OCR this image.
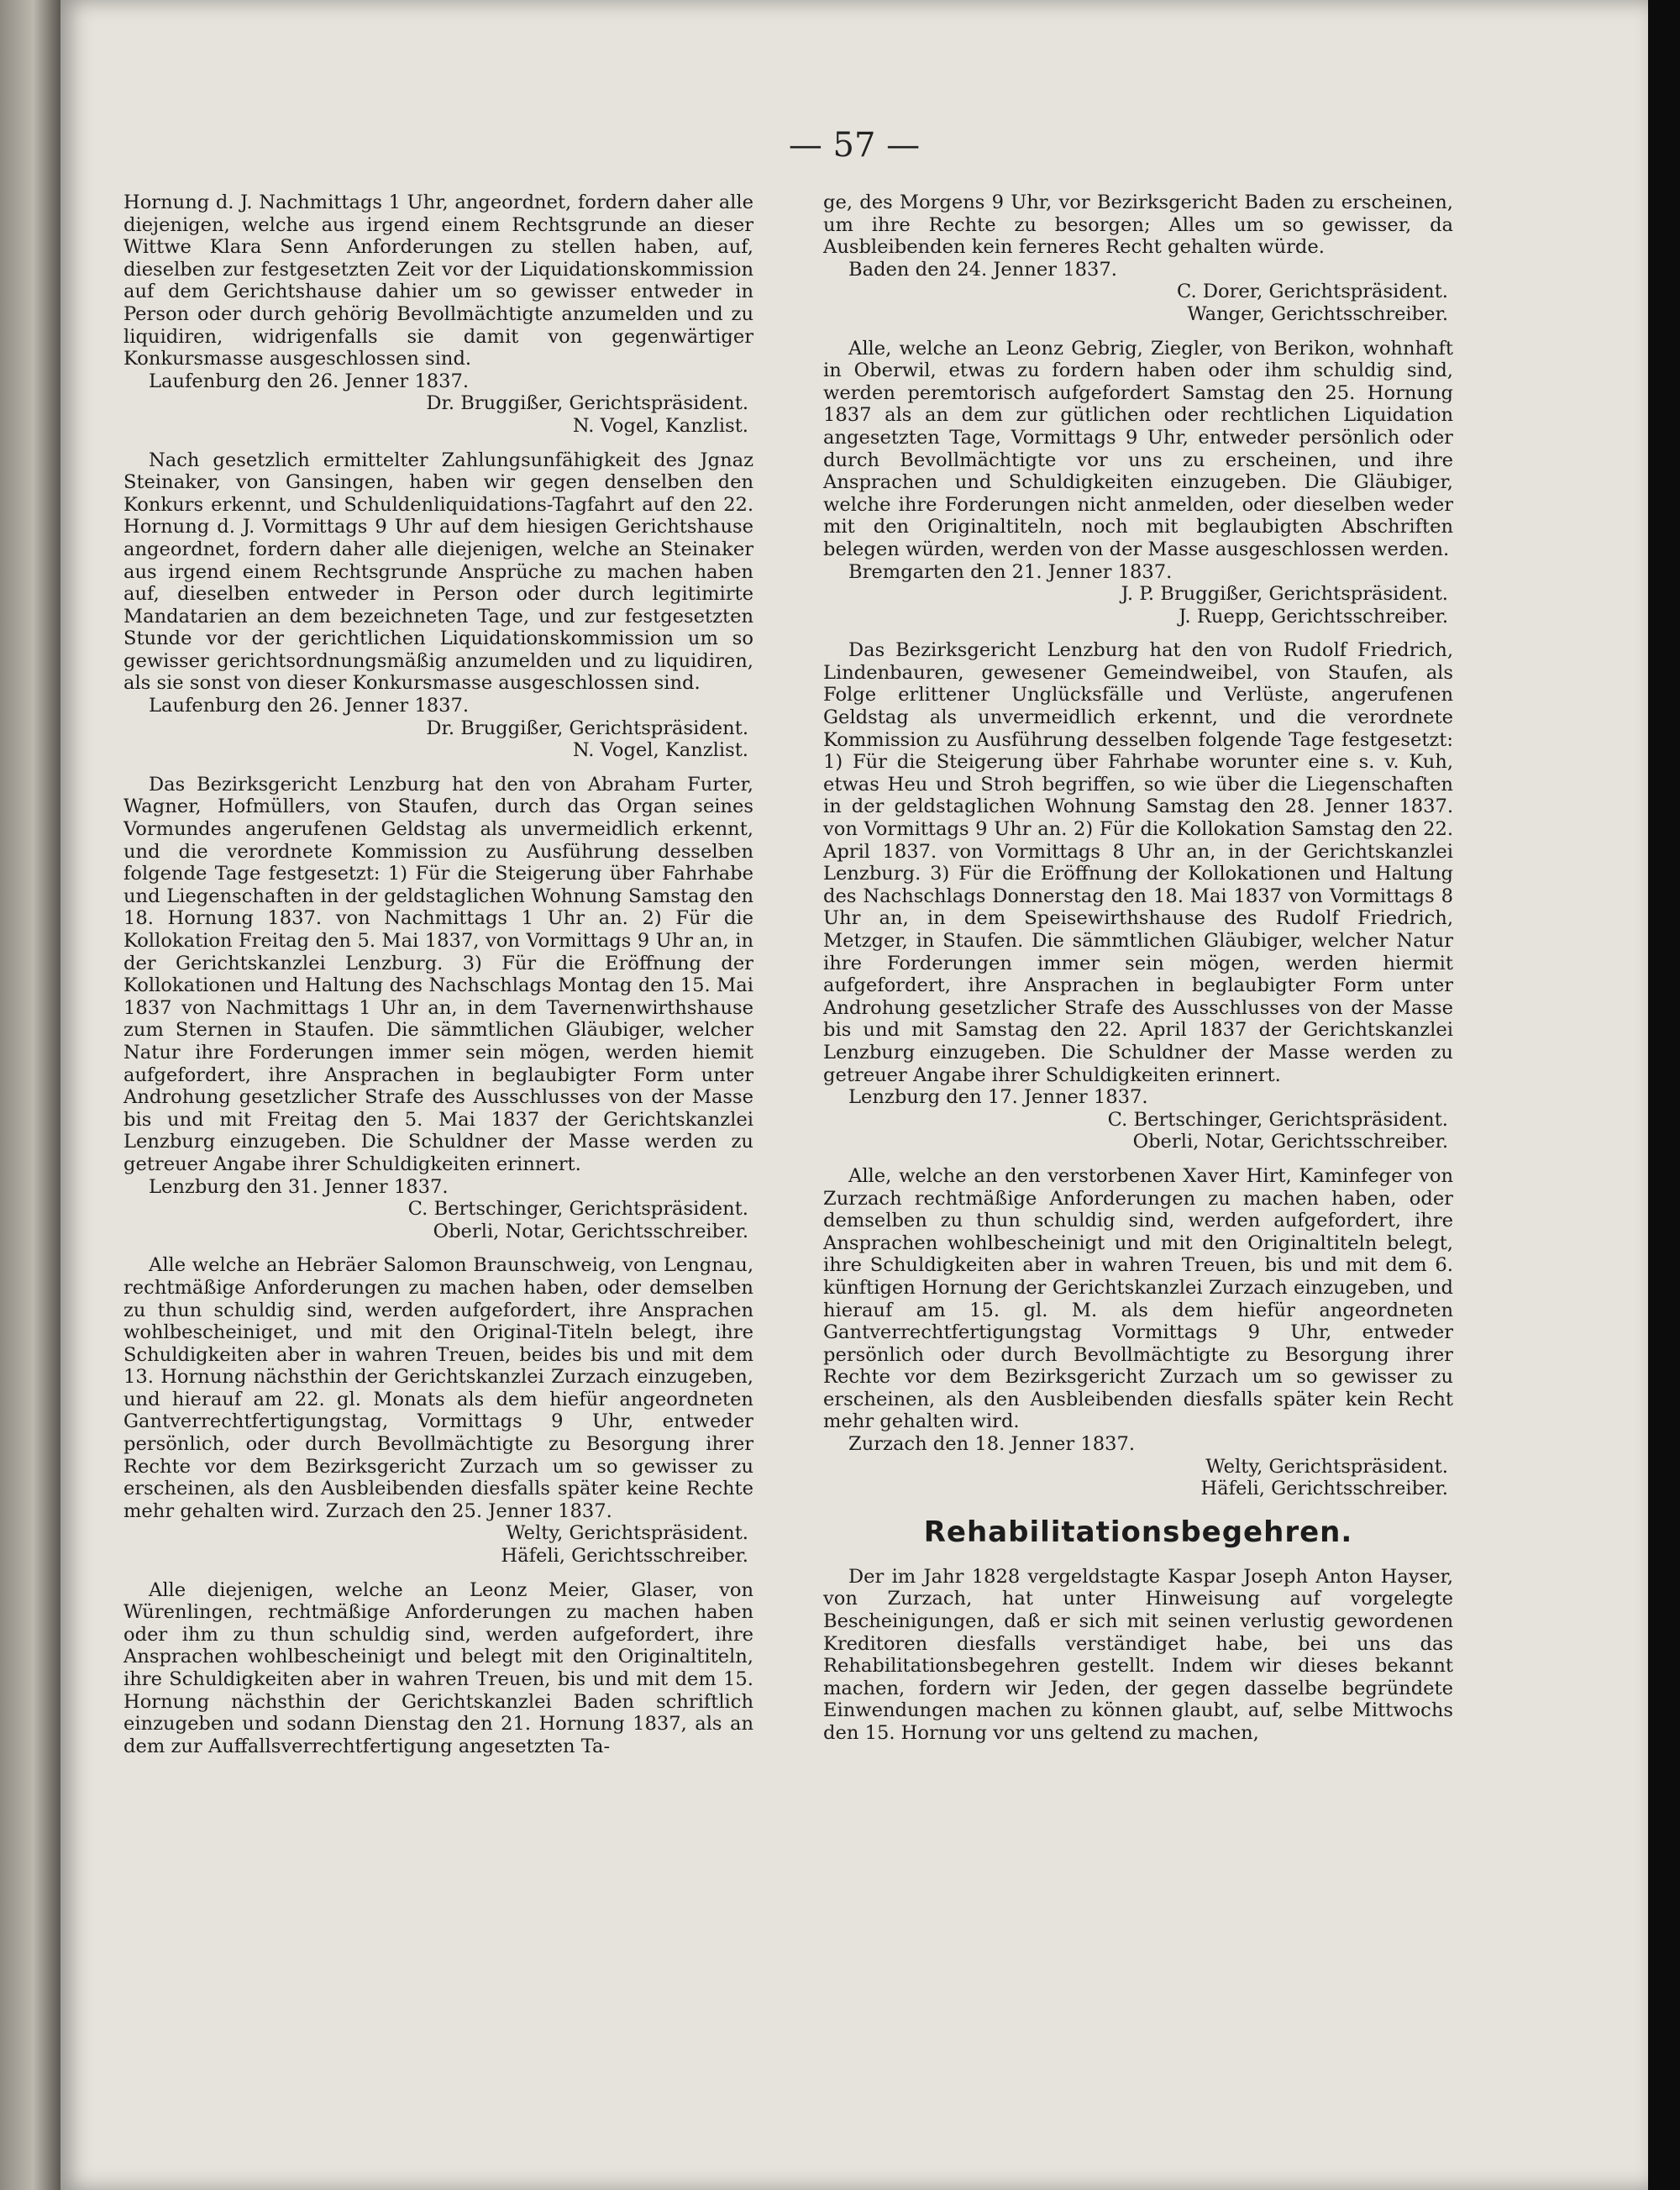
— 57 —

Hornung d. J. Nachmittags 1 Uhr, angeordnet, fordern daher alle diejenigen, welche aus irgend einem Rechtsgrunde an dieser Wittwe Klara Senn Anforderungen zu stellen haben, auf, dieselben zur festgesetzten Zeit vor der Liquidationskommission auf dem Gerichtshause dahier um so gewisser entweder in Person oder durch gehörig Bevollmächtigte anzumelden und zu liquidiren, widrigenfalls sie damit von gegenwärtiger Konkursmasse ausgeschlossen sind.

Laufenburg den 26. Jenner 1837.

Dr. Bruggißer, Gerichtspräsident.
N. Vogel, Kanzlist.

Nach gesetzlich ermittelter Zahlungsunfähigkeit des Jgnaz Steinaker, von Gansingen, haben wir gegen denselben den Konkurs erkennt, und Schuldenliquidations-Tagfahrt auf den 22. Hornung d. J. Vormittags 9 Uhr auf dem hiesigen Gerichtshause angeordnet, fordern daher alle diejenigen, welche an Steinaker aus irgend einem Rechtsgrunde Ansprüche zu machen haben auf, dieselben entweder in Person oder durch legitimirte Mandatarien an dem bezeichneten Tage, und zur festgesetzten Stunde vor der gerichtlichen Liquidationskommission um so gewisser gerichtsordnungsmäßig anzumelden und zu liquidiren, als sie sonst von dieser Konkursmasse ausgeschlossen sind.

Laufenburg den 26. Jenner 1837.

Dr. Bruggißer, Gerichtspräsident.
N. Vogel, Kanzlist.

Das Bezirksgericht Lenzburg hat den von Abraham Furter, Wagner, Hofmüllers, von Staufen, durch das Organ seines Vormundes angerufenen Geldstag als unvermeidlich erkennt, und die verordnete Kommission zu Ausführung desselben folgende Tage festgesetzt: 1) Für die Steigerung über Fahrhabe und Liegenschaften in der geldstaglichen Wohnung Samstag den 18. Hornung 1837. von Nachmittags 1 Uhr an. 2) Für die Kollokation Freitag den 5. Mai 1837, von Vormittags 9 Uhr an, in der Gerichtskanzlei Lenzburg. 3) Für die Eröffnung der Kollokationen und Haltung des Nachschlags Montag den 15. Mai 1837 von Nachmittags 1 Uhr an, in dem Tavernenwirthshause zum Sternen in Staufen. Die sämmtlichen Gläubiger, welcher Natur ihre Forderungen immer sein mögen, werden hiemit aufgefordert, ihre Ansprachen in beglaubigter Form unter Androhung gesetzlicher Strafe des Ausschlusses von der Masse bis und mit Freitag den 5. Mai 1837 der Gerichtskanzlei Lenzburg einzugeben. Die Schuldner der Masse werden zu getreuer Angabe ihrer Schuldigkeiten erinnert.

Lenzburg den 31. Jenner 1837.

C. Bertschinger, Gerichtspräsident.
Oberli, Notar, Gerichtsschreiber.

Alle welche an Hebräer Salomon Braunschweig, von Lengnau, rechtmäßige Anforderungen zu machen haben, oder demselben zu thun schuldig sind, werden aufgefordert, ihre Ansprachen wohlbescheiniget, und mit den Original-Titeln belegt, ihre Schuldigkeiten aber in wahren Treuen, beides bis und mit dem 13. Hornung nächsthin der Gerichtskanzlei Zurzach einzugeben, und hierauf am 22. gl. Monats als dem hiefür angeordneten Gantverrechtfertigungstag, Vormittags 9 Uhr, entweder persönlich, oder durch Bevollmächtigte zu Besorgung ihrer Rechte vor dem Bezirksgericht Zurzach um so gewisser zu erscheinen, als den Ausbleibenden diesfalls später keine Rechte mehr gehalten wird. Zurzach den 25. Jenner 1837.

Welty, Gerichtspräsident.
Häfeli, Gerichtsschreiber.

Alle diejenigen, welche an Leonz Meier, Glaser, von Würenlingen, rechtmäßige Anforderungen zu machen haben oder ihm zu thun schuldig sind, werden aufgefordert, ihre Ansprachen wohlbescheinigt und belegt mit den Originaltiteln, ihre Schuldigkeiten aber in wahren Treuen, bis und mit dem 15. Hornung nächsthin der Gerichtskanzlei Baden schriftlich einzugeben und sodann Dienstag den 21. Hornung 1837, als an dem zur Auffallsverrechtfertigung angesetzten Ta-

ge, des Morgens 9 Uhr, vor Bezirksgericht Baden zu erscheinen, um ihre Rechte zu besorgen; Alles um so gewisser, da Ausbleibenden kein ferneres Recht gehalten würde.

Baden den 24. Jenner 1837.

C. Dorer, Gerichtspräsident.
Wanger, Gerichtsschreiber.

Alle, welche an Leonz Gebrig, Ziegler, von Berikon, wohnhaft in Oberwil, etwas zu fordern haben oder ihm schuldig sind, werden peremtorisch aufgefordert Samstag den 25. Hornung 1837 als an dem zur gütlichen oder rechtlichen Liquidation angesetzten Tage, Vormittags 9 Uhr, entweder persönlich oder durch Bevollmächtigte vor uns zu erscheinen, und ihre Ansprachen und Schuldigkeiten einzugeben. Die Gläubiger, welche ihre Forderungen nicht anmelden, oder dieselben weder mit den Originaltiteln, noch mit beglaubigten Abschriften belegen würden, werden von der Masse ausgeschlossen werden.

Bremgarten den 21. Jenner 1837.

J. P. Bruggißer, Gerichtspräsident.
J. Ruepp, Gerichtsschreiber.

Das Bezirksgericht Lenzburg hat den von Rudolf Friedrich, Lindenbauren, gewesener Gemeindweibel, von Staufen, als Folge erlittener Unglücksfälle und Verlüste, angerufenen Geldstag als unvermeidlich erkennt, und die verordnete Kommission zu Ausführung desselben folgende Tage festgesetzt: 1) Für die Steigerung über Fahrhabe worunter eine s. v. Kuh, etwas Heu und Stroh begriffen, so wie über die Liegenschaften in der geldstaglichen Wohnung Samstag den 28. Jenner 1837. von Vormittags 9 Uhr an. 2) Für die Kollokation Samstag den 22. April 1837. von Vormittags 8 Uhr an, in der Gerichtskanzlei Lenzburg. 3) Für die Eröffnung der Kollokationen und Haltung des Nachschlags Donnerstag den 18. Mai 1837 von Vormittags 8 Uhr an, in dem Speisewirthshause des Rudolf Friedrich, Metzger, in Staufen. Die sämmtlichen Gläubiger, welcher Natur ihre Forderungen immer sein mögen, werden hiermit aufgefordert, ihre Ansprachen in beglaubigter Form unter Androhung gesetzlicher Strafe des Ausschlusses von der Masse bis und mit Samstag den 22. April 1837 der Gerichtskanzlei Lenzburg einzugeben. Die Schuldner der Masse werden zu getreuer Angabe ihrer Schuldigkeiten erinnert.

Lenzburg den 17. Jenner 1837.

C. Bertschinger, Gerichtspräsident.
Oberli, Notar, Gerichtsschreiber.

Alle, welche an den verstorbenen Xaver Hirt, Kaminfeger von Zurzach rechtmäßige Anforderungen zu machen haben, oder demselben zu thun schuldig sind, werden aufgefordert, ihre Ansprachen wohlbescheinigt und mit den Originaltiteln belegt, ihre Schuldigkeiten aber in wahren Treuen, bis und mit dem 6. künftigen Hornung der Gerichtskanzlei Zurzach einzugeben, und hierauf am 15. gl. M. als dem hiefür angeordneten Gantverrechtfertigungstag Vormittags 9 Uhr, entweder persönlich oder durch Bevollmächtigte zu Besorgung ihrer Rechte vor dem Bezirksgericht Zurzach um so gewisser zu erscheinen, als den Ausbleibenden diesfalls später kein Recht mehr gehalten wird.

Zurzach den 18. Jenner 1837.

Welty, Gerichtspräsident.
Häfeli, Gerichtsschreiber.

Rehabilitationsbegehren.

Der im Jahr 1828 vergeldstagte Kaspar Joseph Anton Hayser, von Zurzach, hat unter Hinweisung auf vorgelegte Bescheinigungen, daß er sich mit seinen verlustig gewordenen Kreditoren diesfalls verständiget habe, bei uns das Rehabilitationsbegehren gestellt. Indem wir dieses bekannt machen, fordern wir Jeden, der gegen dasselbe begründete Einwendungen machen zu können glaubt, auf, selbe Mittwochs den 15. Hornung vor uns geltend zu machen,
